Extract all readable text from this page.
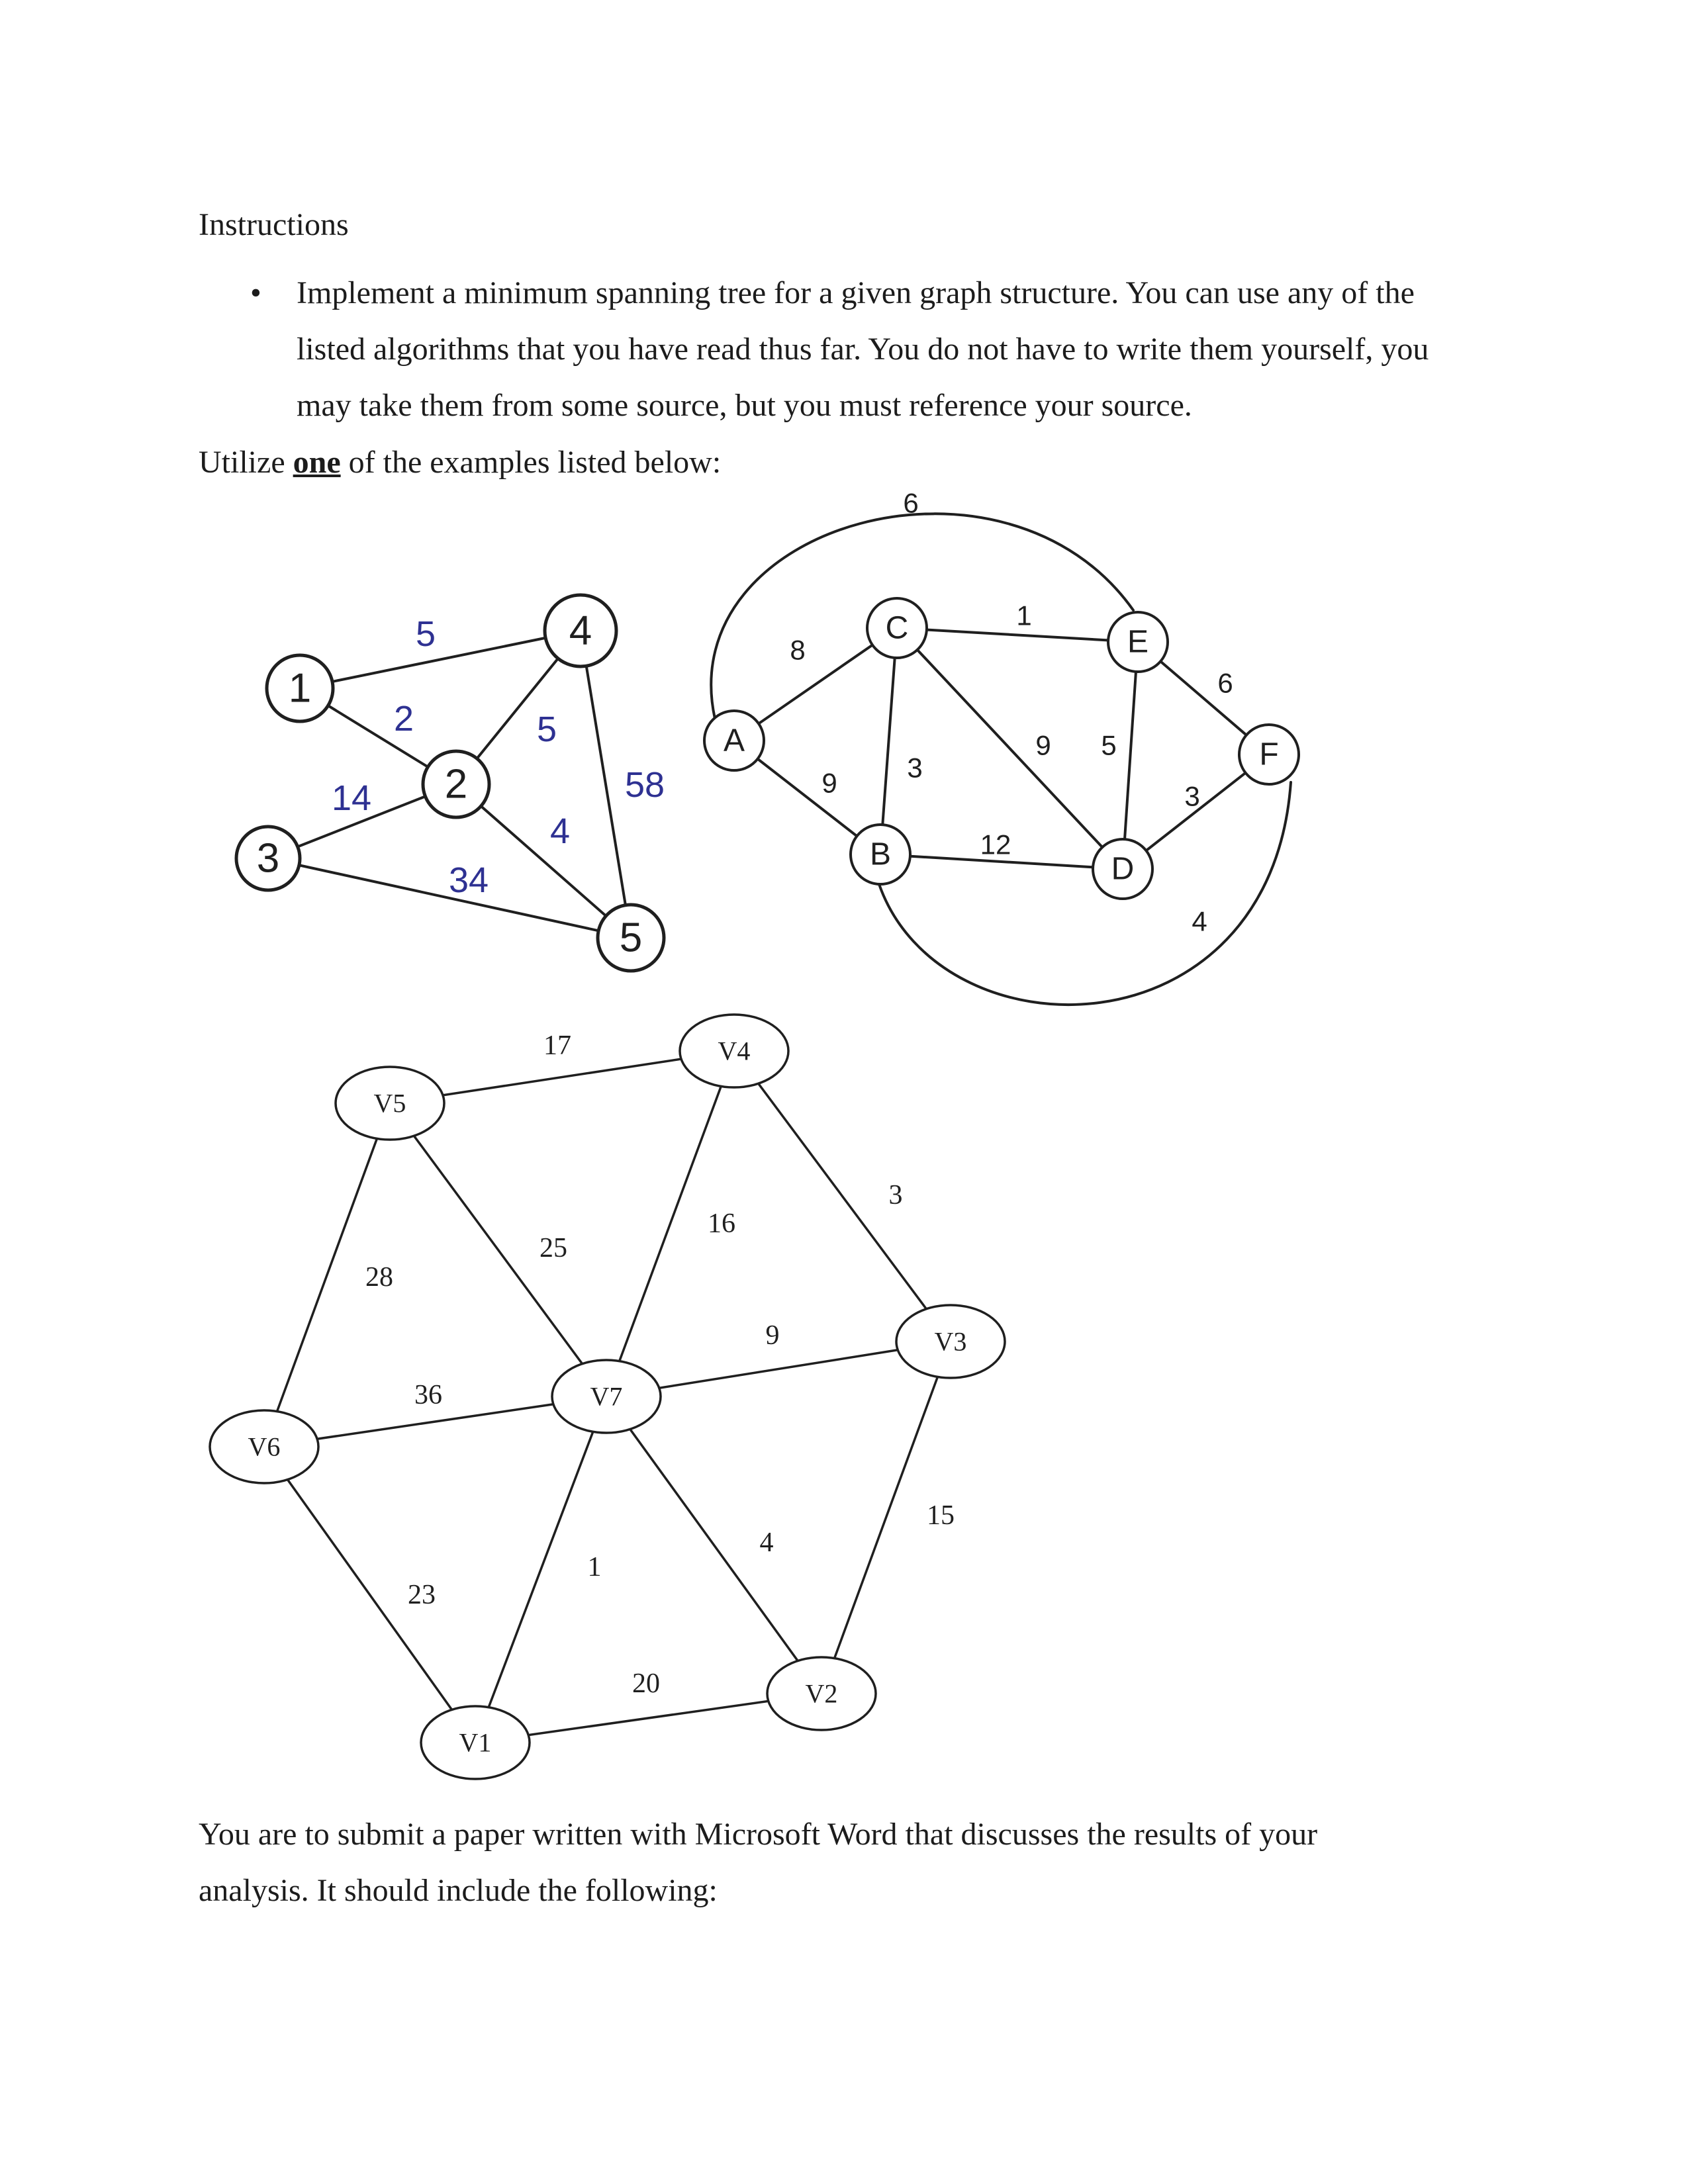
Instructions
• Implement a minimum spanning tree for a given graph structure. You can use any of the
listed algorithms that you have read thus far. You do not have to write them yourself, you
may take them from some source, but you must reference your source.
Utilize one of the examples listed below:
1
4
2
3
5
5
2	5
14
4
34
58
A
B
C
D
E
F
8
1
9	3
9 5
6
3
12
6
4
V5
V4
V3
V7
V6
V2
V1
17
3
16
25
28
9
36
15
4
1
23
20
You are to submit a paper written with Microsoft Word that discusses the results of your
analysis. It should include the following:
